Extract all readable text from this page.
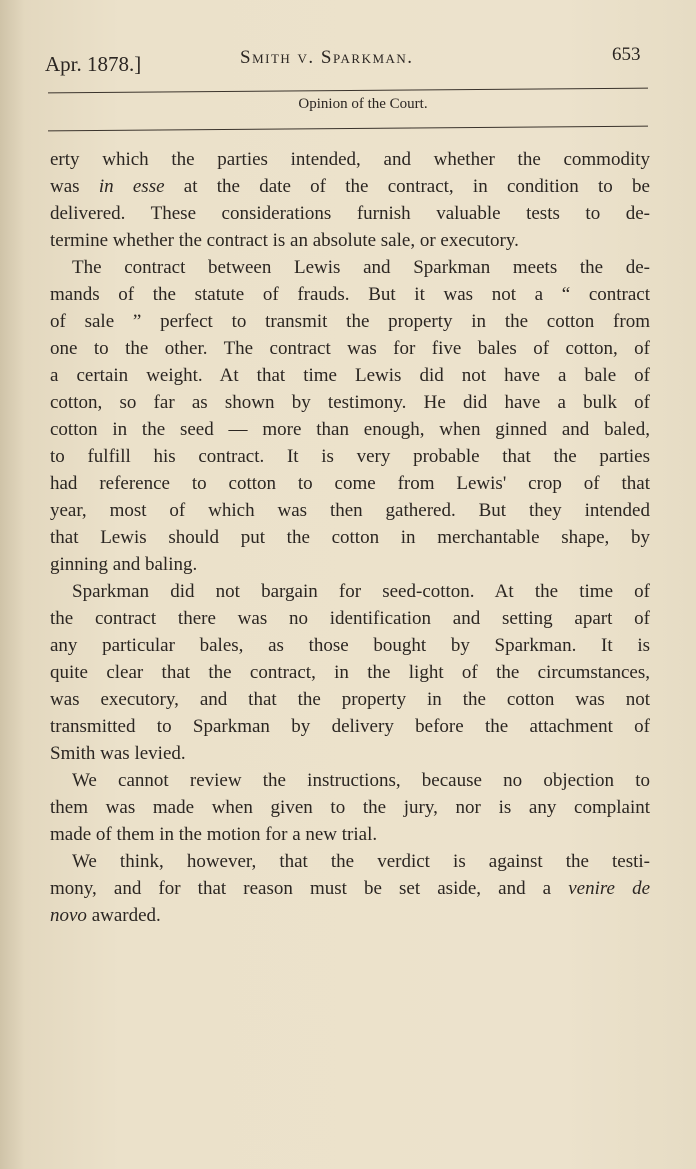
Apr. 1878.]	Smith v. Sparkman.	653
Opinion of the Court.
erty which the parties intended, and whether the commodity
was in esse at the date of the contract, in condition to be
delivered. These considerations furnish valuable tests to de-
termine whether the contract is an absolute sale, or executory.
The contract between Lewis and Sparkman meets the de-
mands of the statute of frauds. But it was not a “ contract
of sale ” perfect to transmit the property in the cotton from
one to the other. The contract was for five bales of cotton, of
a certain weight. At that time Lewis did not have a bale of
cotton, so far as shown by testimony. He did have a bulk of
cotton in the seed — more than enough, when ginned and baled,
to fulfill his contract. It is very probable that the parties
had reference to cotton to come from Lewis' crop of that
year, most of which was then gathered. But they intended
that Lewis should put the cotton in merchantable shape, by
ginning and baling.
Sparkman did not bargain for seed-cotton. At the time of
the contract there was no identification and setting apart of
any particular bales, as those bought by Sparkman. It is
quite clear that the contract, in the light of the circumstances,
was executory, and that the property in the cotton was not
transmitted to Sparkman by delivery before the attachment of
Smith was levied.
We cannot review the instructions, because no objection to
them was made when given to the jury, nor is any complaint
made of them in the motion for a new trial.
We think, however, that the verdict is against the testi-
mony, and for that reason must be set aside, and a venire de
novo awarded.
